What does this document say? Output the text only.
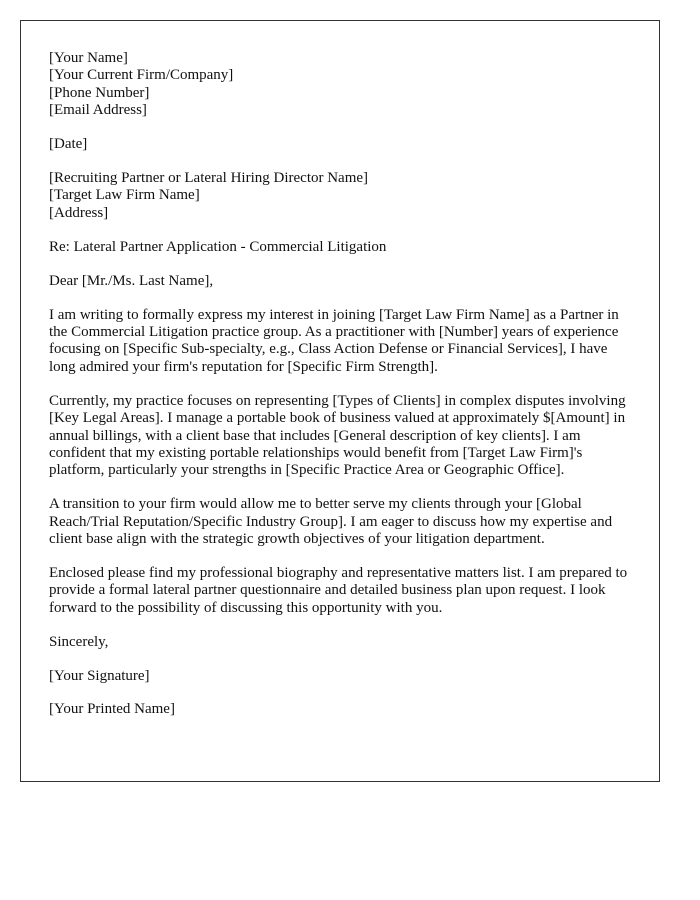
[Your Name]
[Your Current Firm/Company]
[Phone Number]
[Email Address]
[Date]
[Recruiting Partner or Lateral Hiring Director Name]
[Target Law Firm Name]
[Address]
Re: Lateral Partner Application - Commercial Litigation
Dear [Mr./Ms. Last Name],

I am writing to formally express my interest in joining [Target Law Firm Name] as a Partner in the Commercial Litigation practice group. As a practitioner with [Number] years of experience focusing on [Specific Sub-specialty, e.g., Class Action Defense or Financial Services], I have long admired your firm's reputation for [Specific Firm Strength].

Currently, my practice focuses on representing [Types of Clients] in complex disputes involving [Key Legal Areas]. I manage a portable book of business valued at approximately $[Amount] in annual billings, with a client base that includes [General description of key clients]. I am confident that my existing portable relationships would benefit from [Target Law Firm]'s platform, particularly your strengths in [Specific Practice Area or Geographic Office].

A transition to your firm would allow me to better serve my clients through your [Global Reach/Trial Reputation/Specific Industry Group]. I am eager to discuss how my expertise and client base align with the strategic growth objectives of your litigation department.

Enclosed please find my professional biography and representative matters list. I am prepared to provide a formal lateral partner questionnaire and detailed business plan upon request. I look forward to the possibility of discussing this opportunity with you.

Sincerely,
[Your Signature]
[Your Printed Name]
